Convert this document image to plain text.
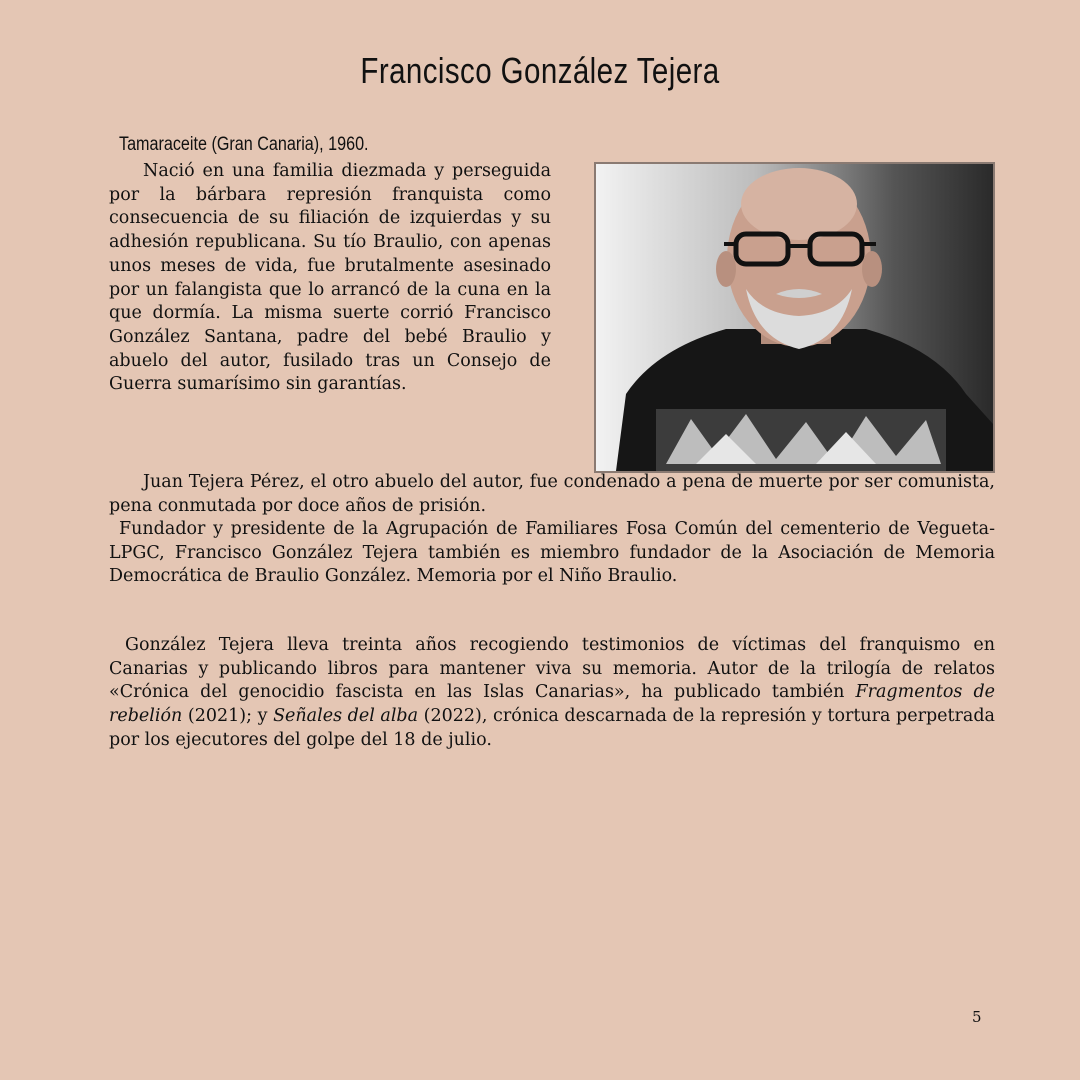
Francisco González Tejera

Tamaraceite (Gran Canaria), 1960.

Nació en una familia diezmada y perseguida por la bárbara represión franquista como consecuencia de su filiación de izquierdas y su adhesión republicana. Su tío Braulio, con apenas unos meses de vida, fue brutalmente asesinado por un falangista que lo arrancó de la cuna en la que dormía. La misma suerte corrió Francisco González Santana, padre del bebé Braulio y abuelo del autor, fusilado tras un Consejo de Guerra sumarísimo sin garantías.

Juan Tejera Pérez, el otro abuelo del autor, fue condenado a pena de muerte por ser comunista, pena conmutada por doce años de prisión.

Fundador y presidente de la Agrupación de Familiares Fosa Común del cementerio de Vegueta-LPGC, Francisco González Tejera también es miembro fundador de la Asociación de Memoria Democrática de Braulio González. Memoria por el Niño Braulio.

González Tejera lleva treinta años recogiendo testimonios de víctimas del franquismo en Canarias y publicando libros para mantener viva su memoria. Autor de la trilogía de relatos «Crónica del genocidio fascista en las Islas Canarias», ha publicado también Fragmentos de rebelión (2021); y Señales del alba (2022), crónica descarnada de la represión y tortura perpetrada por los ejecutores del golpe del 18 de julio.

5
